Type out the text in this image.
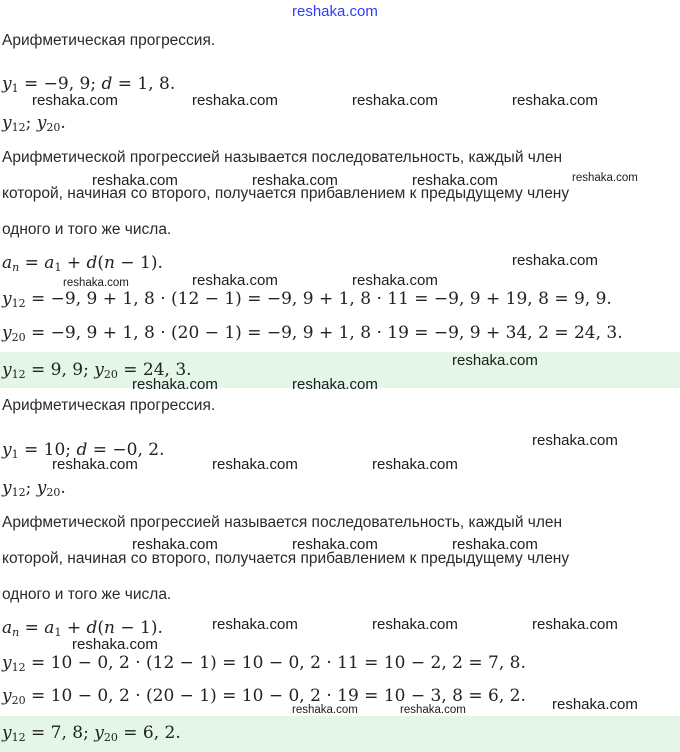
reshaka.com
Арифметическая прогрессия.
$y_1 = -9$, 9; d = 1, 8.
$y_{12}$; $y_{20}$.
Арифметической прогрессией называется последовательность, каждый член
которой, начиная со второго, получается прибавлением к предыдущему члену
одного и того же числа.
$a_n = a_1 + d(n - 1)$.
$y_{12} = -9$, 9 + 1, 8 · (12 − 1) = −9, 9 + 1, 8 · 11 = −9, 9 + 19, 8 = 9, 9.
$y_{20} = -9$, 9 + 1, 8 · (20 − 1) = −9, 9 + 1, 8 · 19 = −9, 9 + 34, 2 = 24, 3.
$y_{12} = 9$, 9; $y_{20} = 24$, 3.
Арифметическая прогрессия.
$y_1 = 10$; d = −0, 2.
$y_{12}$; $y_{20}$.
Арифметической прогрессией называется последовательность, каждый член
которой, начиная со второго, получается прибавлением к предыдущему члену
одного и того же числа.
$a_n = a_1 + d(n - 1)$.
$y_{12} = 10 - 0$, 2 · (12 − 1) = 10 − 0, 2 · 11 = 10 − 2, 2 = 7, 8.
$y_{20} = 10 - 0$, 2 · (20 − 1) = 10 − 0, 2 · 19 = 10 − 3, 8 = 6, 2.
$y_{12} = 7$, 8; $y_{20} = 6$, 2.
reshaka.com	reshaka.com	reshaka.com	reshaka.com
reshaka.com	reshaka.com	reshaka.com	reshaka.com
reshaka.com	reshaka.com	reshaka.com
reshaka.com
reshaka.com
reshaka.com	reshaka.com
reshaka.com
reshaka.com	reshaka.com	reshaka.com
reshaka.com	reshaka.com	reshaka.com
reshaka.com	reshaka.com	reshaka.com
reshaka.com
reshaka.com	reshaka.com	reshaka.com
